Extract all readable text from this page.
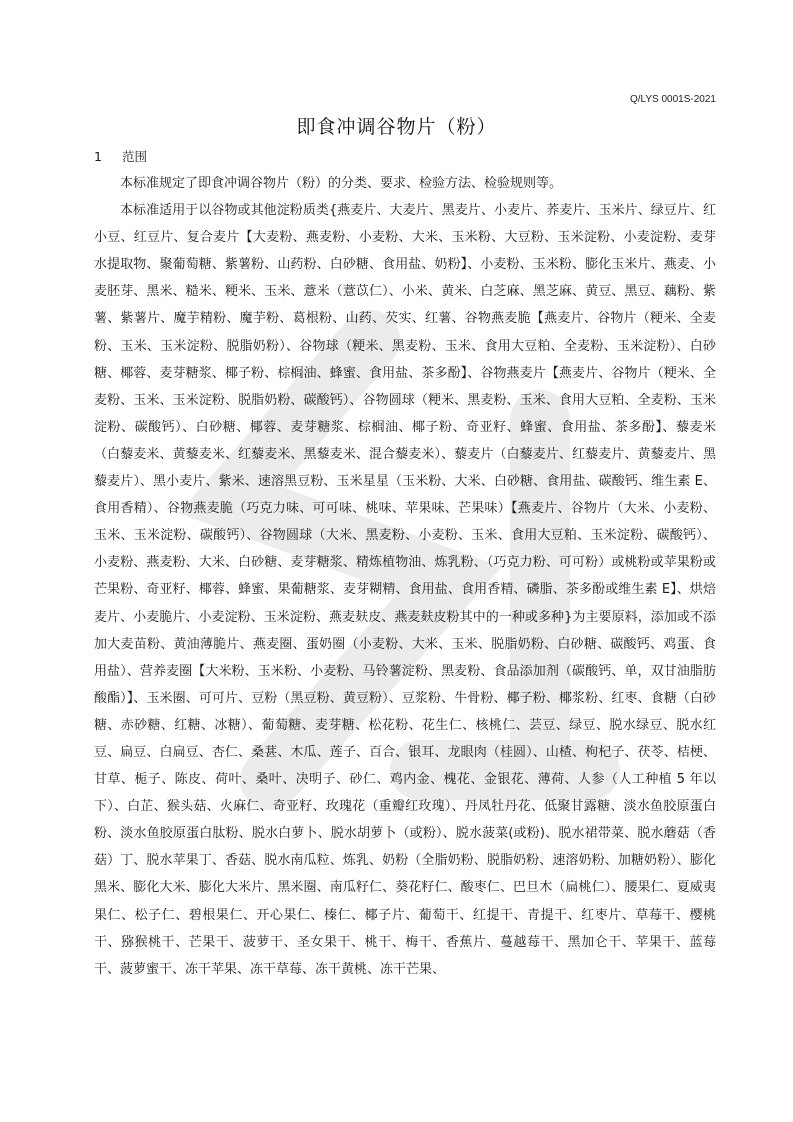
Q/LYS 0001S-2021
即食冲调谷物片（粉）
1 范围

本标准规定了即食冲调谷物片（粉）的分类、要求、检验方法、检验规则等。

本标准适用于以谷物或其他淀粉质类{燕麦片、大麦片、黑麦片、小麦片、荞麦片、玉米片、绿豆片、红小豆、红豆片、复合麦片【大麦粉、燕麦粉、小麦粉、大米、玉米粉、大豆粉、玉米淀粉、小麦淀粉、麦芽水提取物、聚葡萄糖、紫薯粉、山药粉、白砂糖、食用盐、奶粉】、小麦粉、玉米粉、膨化玉米片、燕麦、小麦胚芽、黑米、糙米、粳米、玉米、薏米（薏苡仁）、小米、黄米、白芝麻、黑芝麻、黄豆、黑豆、藕粉、紫薯、紫薯片、魔芋精粉、魔芋粉、葛根粉、山药、芡实、红薯、谷物燕麦脆【燕麦片、谷物片（粳米、全麦粉、玉米、玉米淀粉、脱脂奶粉）、谷物球（粳米、黑麦粉、玉米、食用大豆粕、全麦粉、玉米淀粉）、白砂糖、椰蓉、麦芽糖浆、椰子粉、棕榈油、蜂蜜、食用盐、茶多酚】、谷物燕麦片【燕麦片、谷物片（粳米、全麦粉、玉米、玉米淀粉、脱脂奶粉、碳酸钙）、谷物圆球（粳米、黑麦粉、玉米、食用大豆粕、全麦粉、玉米淀粉、碳酸钙）、白砂糖、椰蓉、麦芽糖浆、棕榈油、椰子粉、奇亚籽、蜂蜜、食用盐、茶多酚】、藜麦米（白藜麦米、黄藜麦米、红藜麦米、黑藜麦米、混合藜麦米）、藜麦片（白藜麦片、红藜麦片、黄藜麦片、黑藜麦片）、黑小麦片、紫米、速溶黑豆粉、玉米星星（玉米粉、大米、白砂糖、食用盐、碳酸钙、维生素 E、食用香精）、谷物燕麦脆（巧克力味、可可味、桃味、苹果味、芒果味）【燕麦片、谷物片（大米、小麦粉、玉米、玉米淀粉、碳酸钙）、谷物圆球（大米、黑麦粉、小麦粉、玉米、食用大豆粕、玉米淀粉、碳酸钙）、小麦粉、燕麦粉、大米、白砂糖、麦芽糖浆、精炼植物油、炼乳粉、（巧克力粉、可可粉）或桃粉或苹果粉或芒果粉、奇亚籽、椰蓉、蜂蜜、果葡糖浆、麦芽糊精、食用盐、食用香精、磷脂、茶多酚或维生素 E】、烘焙麦片、小麦脆片、小麦淀粉、玉米淀粉、燕麦麸皮、燕麦麸皮粉其中的一种或多种}为主要原料，添加或不添加大麦苗粉、黄油薄脆片、燕麦圈、蛋奶圈（小麦粉、大米、玉米、脱脂奶粉、白砂糖、碳酸钙、鸡蛋、食用盐）、营养麦圈【大米粉、玉米粉、小麦粉、马铃薯淀粉、黑麦粉、食品添加剂（碳酸钙、单，双甘油脂肪酸酯）】、玉米圈、可可片、豆粉（黑豆粉、黄豆粉）、豆浆粉、牛骨粉、椰子粉、椰浆粉、红枣、食糖（白砂糖、赤砂糖、红糖、冰糖）、葡萄糖、麦芽糖、松花粉、花生仁、核桃仁、芸豆、绿豆、脱水绿豆、脱水红豆、扁豆、白扁豆、杏仁、桑葚、木瓜、莲子、百合、银耳、龙眼肉（桂圆）、山楂、枸杞子、茯苓、桔梗、甘草、栀子、陈皮、荷叶、桑叶、决明子、砂仁、鸡内金、槐花、金银花、薄荷、人参（人工种植 5 年以下）、白芷、猴头菇、火麻仁、奇亚籽、玫瑰花（重瓣红玫瑰）、丹凤牡丹花、低聚甘露糖、淡水鱼胶原蛋白粉、淡水鱼胶原蛋白肽粉、脱水白萝卜、脱水胡萝卜（或粉）、脱水菠菜(或粉)、脱水裙带菜、脱水蘑菇（香菇）丁、脱水苹果丁、香菇、脱水南瓜粒、炼乳、奶粉（全脂奶粉、脱脂奶粉、速溶奶粉、加糖奶粉）、膨化黑米、膨化大米、膨化大米片、黑米圈、南瓜籽仁、葵花籽仁、酸枣仁、巴旦木（扁桃仁）、腰果仁、夏威夷果仁、松子仁、碧根果仁、开心果仁、榛仁、椰子片、葡萄干、红提干、青提干、红枣片、草莓干、樱桃干、猕猴桃干、芒果干、菠萝干、圣女果干、桃干、梅干、香蕉片、蔓越莓干、黑加仑干、苹果干、蓝莓干、菠萝蜜干、冻干苹果、冻干草莓、冻干黄桃、冻干芒果、
